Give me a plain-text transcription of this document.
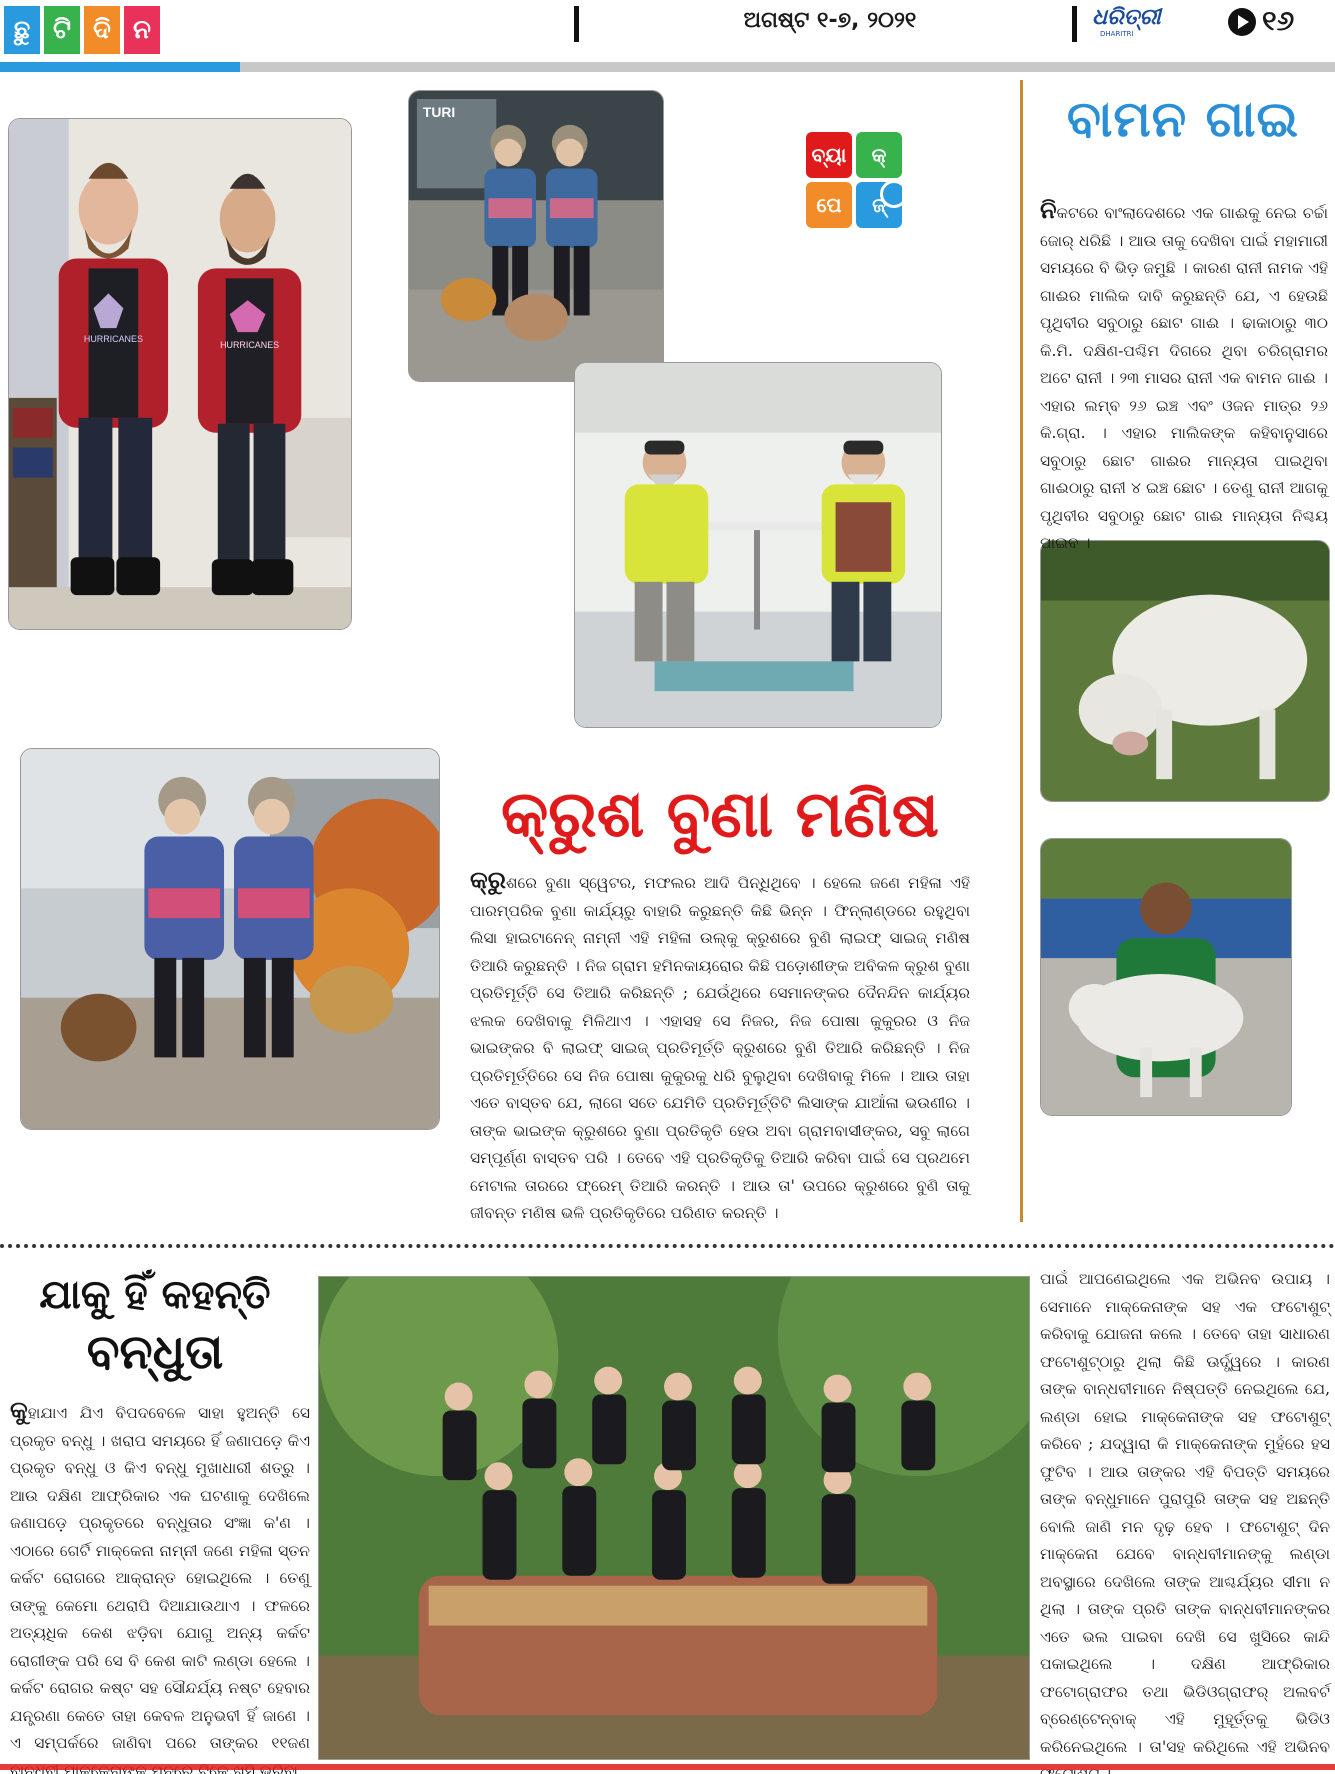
ଛୁ ଟି ଦି ନ	ଅଗଷ୍ଟ ୧-୭, ୨୦୨୧	ଧରିତ୍ରୀ
DHARITRI	୧୬
HURRICANES
HURRICANES
TURI
ବ୍ୟା	କ୍
ପେ	ଜ୍
ବାମନ ଗାଇ
ନିକଟରେ ବାଂଲାଦେଶରେ ଏକ ଗାଈକୁ ନେଇ ଚର୍ଚ୍ଚା ଜୋର୍ ଧରିଛି । ଆଉ ତାକୁ ଦେଖିବା ପାଇଁ ମହାମାରୀ ସମୟରେ ବି ଭିଡ଼ ଜମୁଛି । କାରଣ ରାନୀ ନାମକ ଏହି ଗାଈର ମାଲିକ ଦାବି କରୁଛନ୍ତି ଯେ, ଏ ହେଉଛି ପୃଥିବୀର ସବୁଠାରୁ ଛୋଟ ଗାଈ । ଢାକାଠାରୁ ୩୦ କି.ମି. ଦକ୍ଷିଣ-ପଶ୍ଚିମ ଦିଗରେ ଥିବା ଚରିଗ୍ରାମର ଅଟେ ରାନୀ । ୨୩ ମାସର ରାନୀ ଏକ ବାମନ ଗାଈ । ଏହାର ଲମ୍ବ ୨୬ ଇଞ୍ଚ ଏବଂ ଓଜନ ମାତ୍ର ୨୬ କି.ଗ୍ରା. । ଏହାର ମାଲିକଙ୍କ କହିବାନୁସାରେ ସବୁଠାରୁ ଛୋଟ ଗାଈର ମାନ୍ୟତା ପାଇଥିବା ଗାଈଠାରୁ ରାନୀ ୪ ଇଞ୍ଚ ଛୋଟ । ତେଣୁ ରାନୀ ଆଗକୁ ପୃଥିବୀର ସବୁଠାରୁ ଛୋଟ ଗାଈ ମାନ୍ୟତା ନିଶ୍ଚୟ ପାଇବ ।
କ୍ରୁଶ ବୁଣା ମଣିଷ
କ୍ରୁଶରେ ବୁଣା ସ୍ୱେଟର, ମଫଲର ଆଦି ପିନ୍ଧିଥିବେ । ହେଲେ ଜଣେ ମହିଳା ଏହି ପାରମ୍ପରିକ ବୁଣା କାର୍ଯ୍ୟରୁ ବାହାରି କରୁଛନ୍ତି କିଛି ଭିନ୍ନ । ଫିନ୍‌ଲାଣ୍ଡରେ ରହୁଥିବା ଲିସା ହାଇଟାନେନ୍ ନାମ୍ନୀ ଏହି ମହିଳା ଉଲ୍‌କୁ କ୍ରୁଶରେ ବୁଣି ଲାଇଫ୍ ସାଇଜ୍ ମଣିଷ ତିଆରି କରୁଛନ୍ତି । ନିଜ ଗ୍ରାମ ହମିନକାୟରୋର କିଛି ପଡ଼ୋଶୀଙ୍କ ଅବିକଳ କ୍ରୁଶ ବୁଣା ପ୍ରତିମୂର୍ତ୍ତି ସେ ତିଆରି କରିଛନ୍ତି ; ଯେଉଁଥିରେ ସେମାନଙ୍କର ଦୈନନ୍ଦିନ କାର୍ଯ୍ୟର ଝଲକ ଦେଖିବାକୁ ମିଳିଥାଏ । ଏହାସହ ସେ ନିଜର, ନିଜ ପୋଷା କୁକୁରର ଓ ନିଜ ଭାଇଙ୍କର ବି ଲାଇଫ୍ ସାଇଜ୍ ପ୍ରତିମୂର୍ତ୍ତି କ୍ରୁଶରେ ବୁଣି ତିଆରି କରିଛନ୍ତି । ନିଜ ପ୍ରତିମୂର୍ତ୍ତିରେ ସେ ନିଜ ପୋଷା କୁକୁରକୁ ଧରି ବୁଲୁଥିବା ଦେଖିବାକୁ ମିଳେ । ଆଉ ତାହା ଏତେ ବାସ୍ତବ ଯେ, ଲାଗେ ସତେ ଯେମିତି ପ୍ରତିମୂର୍ତ୍ତିଟି ଲିସାଙ୍କ ଯାଆଁଳା ଭଉଣୀର । ତାଙ୍କ ଭାଇଙ୍କ କ୍ରୁଶରେ ବୁଣା ପ୍ରତିକୃତି ହେଉ ଅବା ଗ୍ରାମବାସୀଙ୍କର, ସବୁ ଲାଗେ ସମ୍ପୂର୍ଣ୍ଣ ବାସ୍ତବ ପରି । ତେବେ ଏହି ପ୍ରତିକୃତିକୁ ତିଆରି କରିବା ପାଇଁ ସେ ପ୍ରଥମେ ମେଟାଲ ତାରରେ ଫ୍ରେମ୍ ତିଆରି କରନ୍ତି । ଆଉ ତା' ଉପରେ କ୍ରୁଶରେ ବୁଣି ତାକୁ ଜୀବନ୍ତ ମଣିଷ ଭଳି ପ୍ରତିକୃତିରେ ପରିଣତ କରନ୍ତି ।
ଯାକୁ ହିଁ କହନ୍ତି
ବନ୍ଧୁତା
କୁହାଯାଏ ଯିଏ ବିପଦବେଳେ ସାହା ହୁଅନ୍ତି ସେ ପ୍ରକୃତ ବନ୍ଧୁ । ଖରାପ ସମୟରେ ହିଁ ଜଣାପଡ଼େ କିଏ ପ୍ରକୃତ ବନ୍ଧୁ ଓ କିଏ ବନ୍ଧୁ ମୁଖାଧାରୀ ଶତ୍ରୁ । ଆଉ ଦକ୍ଷିଣ ଆଫ୍ରିକାର ଏକ ଘଟଣାକୁ ଦେଖିଲେ ଜଣାପଡ଼େ ପ୍ରକୃତରେ ବନ୍ଧୁତାର ସଂଜ୍ଞା କ'ଣ । ଏଠାରେ ଗେର୍ଟି ମାକ୍‌କେନା ନାମ୍ନୀ ଜଣେ ମହିଳା ସ୍ତନ କର୍କଟ ରୋଗରେ ଆକ୍ରାନ୍ତ ହୋଇଥିଲେ । ତେଣୁ ତାଙ୍କୁ କେମୋ ଥେରାପି ଦିଆଯାଉଥାଏ । ଫଳରେ ଅତ୍ୟଧିକ କେଶ ଝଡ଼ିବା ଯୋଗୁ ଅନ୍ୟ କର୍କଟ ରୋଗୀଙ୍କ ପରି ସେ ବି କେଶ କାଟି ଲଣ୍ଡା ହେଲେ । କର୍କଟ ରୋଗର କଷ୍ଟ ସହ ସୌନ୍ଦର୍ଯ୍ୟ ନଷ୍ଟ ହେବାର ଯନ୍ତ୍ରଣା କେତେ ତାହା କେବଳ ଅନୁଭବୀ ହିଁ ଜାଣେ । ଏ ସମ୍ପର୍କରେ ଜାଣିବା ପରେ ତାଙ୍କର ୧୧ଜଣ
ପାଇଁ ଆପଣେଇଥିଲେ ଏକ ଅଭିନବ ଉପାୟ । ସେମାନେ ମାକ୍‌କେନାଙ୍କ ସହ ଏକ ଫଟୋଶୁଟ୍ କରିବାକୁ ଯୋଜନା କଲେ । ତେବେ ତାହା ସାଧାରଣ ଫଟୋଶୁଟ୍‌ଠାରୁ ଥିଲା କିଛି ଊର୍ଦ୍ଧ୍ୱରେ । କାରଣ ତାଙ୍କ ବାନ୍ଧବୀମାନେ ନିଷ୍ପତ୍ତି ନେଇଥିଲେ ଯେ, ଲଣ୍ଡା ହୋଇ ମାକ୍‌କେନାଙ୍କ ସହ ଫଟୋଶୁଟ୍ କରିବେ ; ଯଦ୍ୱାରା କି ମାକ୍‌କେନାଙ୍କ ମୁହଁରେ ହସ ଫୁଟିବ । ଆଉ ତାଙ୍କର ଏହି ବିପତ୍ତି ସମୟରେ ତାଙ୍କ ବନ୍ଧୁମାନେ ପୁରାପୁରି ତାଙ୍କ ସହ ଅଛନ୍ତି ବୋଲି ଜାଣି ମନ ଦୃଢ଼ ହେବ । ଫଟୋଶୁଟ୍ ଦିନ ମାକ୍‌କେନା ଯେବେ ବାନ୍ଧବୀମାନଙ୍କୁ ଲଣ୍ଡା ଅବସ୍ଥାରେ ଦେଖିଲେ ତାଙ୍କ ଆଶ୍ଚର୍ଯ୍ୟର ସୀମା ନ ଥିଲା । ତାଙ୍କ ପ୍ରତି ତାଙ୍କ ବାନ୍ଧବୀମାନଙ୍କର ଏତେ ଭଲ ପାଇବା ଦେଖି ସେ ଖୁସିରେ କାନ୍ଦି ପକାଇଥିଲେ । ଦକ୍ଷିଣ ଆଫ୍ରିକାର ଫଟୋଗ୍ରାଫର ତଥା ଭିଡିଓଗ୍ରାଫର୍ ଅଲବର୍ଟ ବ୍ରେଣ୍ଟେନ୍‌ବାକ୍ ଏହି ମୁହୂର୍ତ୍ତକୁ ଭିଡିଓ କରିନେଇଥିଲେ । ତା'ସହ କରିଥିଲେ ଏହି ଅଭିନବ
